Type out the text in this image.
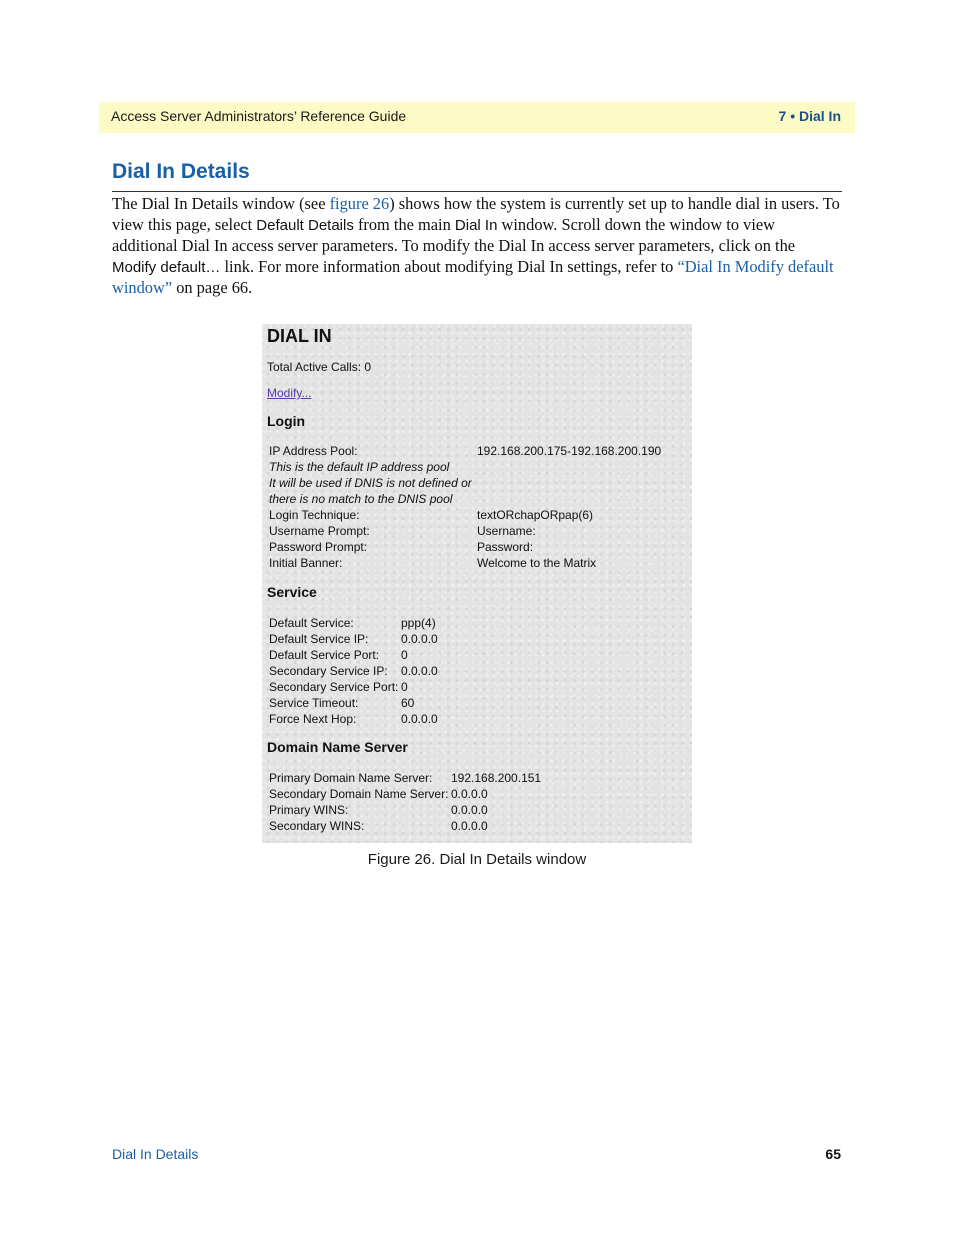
Access Server Administrators’ Reference Guide	7 • Dial In
Dial In Details

The Dial In Details window (see figure 26) shows how the system is currently set up to handle dial in users. To view this page, select Default Details from the main Dial In window. Scroll down the window to view additional Dial In access server parameters. To modify the Dial In access server parameters, click on the Modify default… link. For more information about modifying Dial In settings, refer to “Dial In Modify default window” on page 66.

DIAL IN
Total Active Calls: 0
Modify...
Login
IP Address Pool:	192.168.200.175-192.168.200.190
This is the default IP address pool
It will be used if DNIS is not defined or
there is no match to the DNIS pool
Login Technique:	textORchapORpap(6)
Username Prompt:	Username:
Password Prompt:	Password:
Initial Banner:	Welcome to the Matrix
Service
Default Service:	ppp(4)
Default Service IP:	0.0.0.0
Default Service Port: 0
Secondary Service IP: 0.0.0.0
Secondary Service Port: 0
Service Timeout:	60
Force Next Hop:	0.0.0.0
Domain Name Server
Primary Domain Name Server: 192.168.200.151
Secondary Domain Name Server: 0.0.0.0
Primary WINS:	0.0.0.0
Secondary WINS:	0.0.0.0
Figure 26. Dial In Details window
Dial In Details	65
